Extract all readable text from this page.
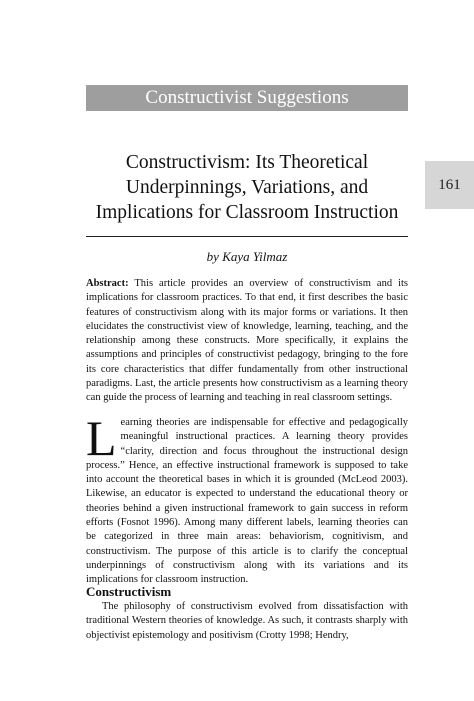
Constructivist Suggestions
161
Constructivism: Its Theoretical
Underpinnings, Variations, and
Implications for Classroom Instruction
by Kaya Yilmaz

Abstract: This article provides an overview of constructivism and its implications for classroom practices. To that end, it first describes the basic features of constructivism along with its major forms or variations. It then elucidates the constructivist view of knowledge, learning, teaching, and the relationship among these constructs. More specifically, it explains the assumptions and principles of constructivist pedagogy, bringing to the fore its core characteristics that differ fundamentally from other instructional paradigms. Last, the article presents how constructivism as a learning theory can guide the process of learning and teaching in real classroom settings.

Learning theories are indispensable for effective and pedagogically meaningful instructional practices. A learning theory provides “clarity, direction and focus throughout the instructional design process.” Hence, an effective instructional framework is supposed to take into account the theoretical bases in which it is grounded (McLeod 2003). Likewise, an educator is expected to understand the educational theory or theories behind a given instructional framework to gain success in reform efforts (Fosnot 1996). Among many different labels, learning theories can be categorized in three main areas: behaviorism, cognitivism, and constructivism. The purpose of this article is to clarify the conceptual underpinnings of constructivism along with its variations and its implications for classroom instruction.

Constructivism

The philosophy of constructivism evolved from dissatisfaction with traditional Western theories of knowledge. As such, it contrasts sharply with objectivist epistemology and positivism (Crotty 1998; Hendry,
